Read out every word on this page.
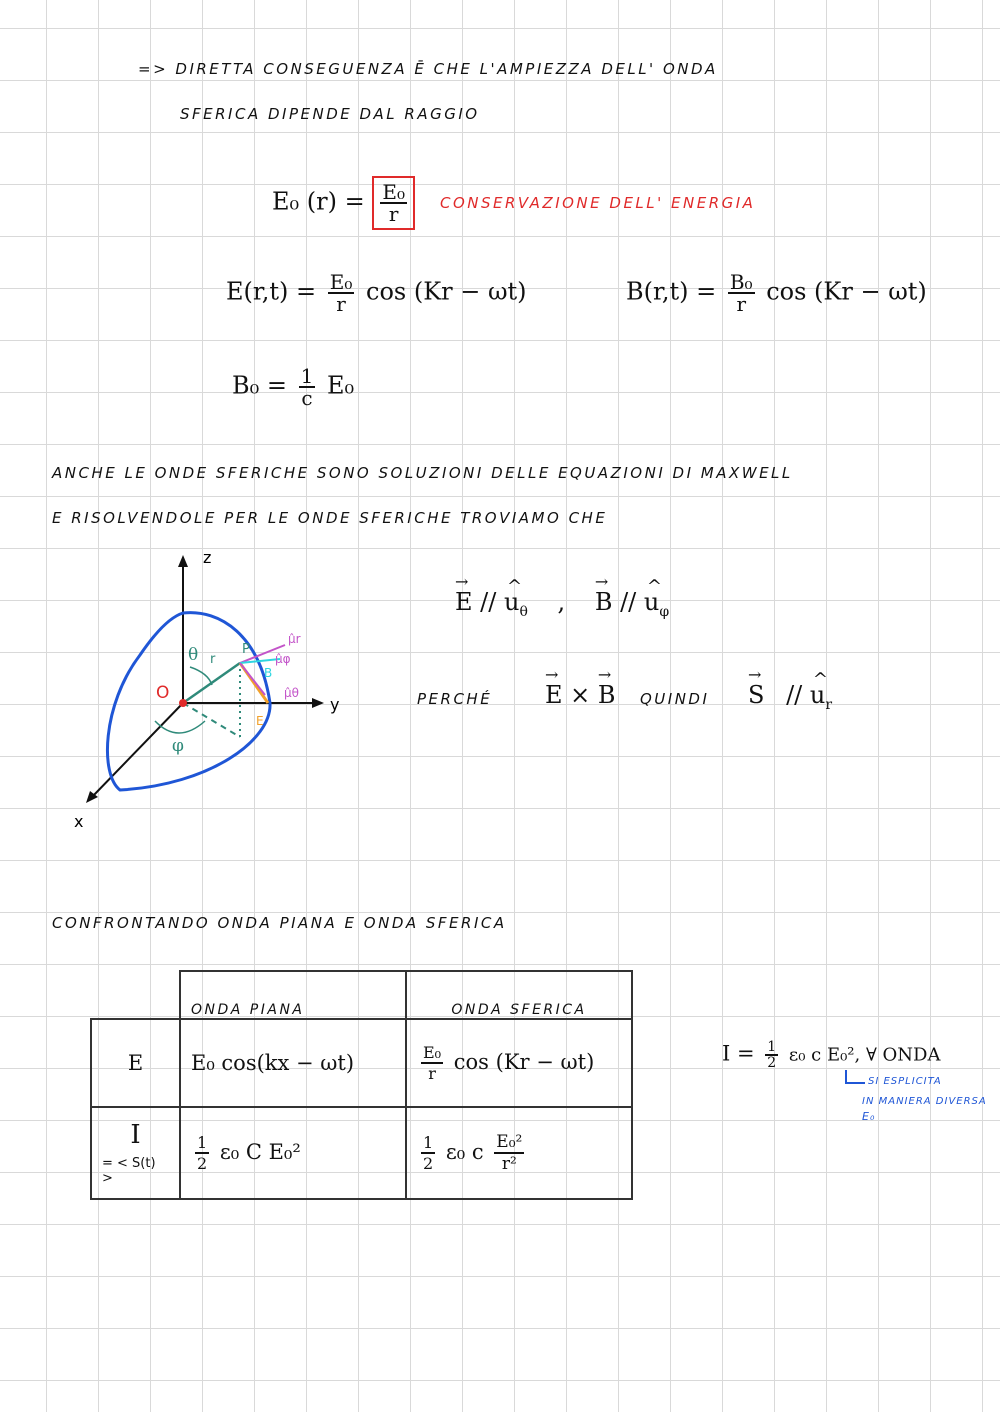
=> DIRETTA CONSEGUENZA Ē CHE L'AMPIEZZA DELL' ONDA
SFERICA DIPENDE DAL RAGGIO
E₀ $(r) = \frac{\text{E₀}}{r}$ CONSERVAZIONE DELL' ENERGIA
$E(r,t) = \frac{\text{E₀}}{r}$ cos (Kr − ωt)	$B(r,t) = \frac{\text{B₀}}{r}$ cos (Kr − ωt)
$B_0 = \frac{1}{c} E_0$
ANCHE LE ONDE SFERICHE SONO SOLUZIONI DELLE EQUAZIONI DI MAXWELL
E RISOLVENDOLE PER LE ONDE SFERICHE TROVIAMO CHE
z
y
x
O
P
r
θ
φ
μ̂r
μ̂φ
μ̂θ
B
E
→ E // ^ $u_\theta$ , → B // ^ $u_\varphi$
PERCHÉ → E × → B QUINDI → S // ^ $u_r$
CONFRONTANDO ONDA PIANA E ONDA SFERICA
	ONDA PIANA	ONDA SFERICA
E	E₀ cos(kx − ωt)	$\frac{\text{E₀}}{r}$ cos (Kr − ωt)
I
= < S(t) >	$\frac{1}{2} \varepsilon_0$ C E₀²	$\frac{1}{2} \varepsilon_0$ c $\frac{\text{E₀²}}{\text{r²}}$
$I = \frac{1}{2} \varepsilon_0$ c E₀², ∀ ONDA
SI ESPLICITA
IN MANIERA DIVERSA
E₀
